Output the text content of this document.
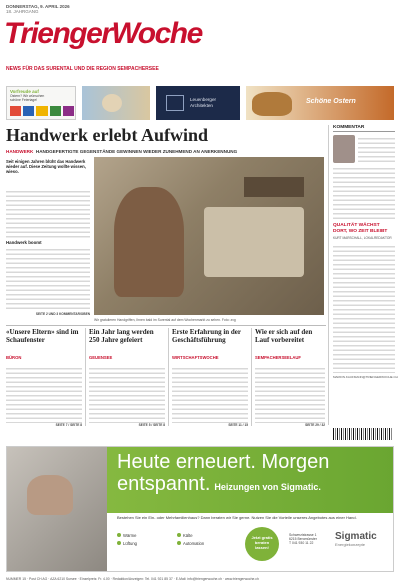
DONNERSTAG, 9. APRIL 2026
18. JAHRGANG
TriengerWoche
NEWS FÜR DAS SURENTAL UND DIE REGION SEMPACHERSEE
Vorfreude auf
Ostern? Wir wünschen
schöne Feiertage!	Leuenberger
Architekten
Schöne Ostern
Handwerk erlebt Aufwind
HANDWERK HANDGEFERTIGTE GEGENSTÄNDE GEWINNEN WIEDER ZUNEHMEND AN ANERKENNUNG
Seit einigen Jahren blüht das Handwerk wieder auf. Diese Zeitung wollte wissen, wieso.
Handwerk boomt
SEITE 2 UND 3 KOMMENTAR/OBEN
Wir gratulieren Handgriffen, Ihnen bald im Surental auf dem Wochenmarkt zu sehen. Foto: zvg
KOMMENTAR
QUALITÄT WÄCHST DORT, WO ZEIT BLEIBT
KURT MARSCHALL, LOKALREDAKTOR
MARION.KAUFMANN@TRIENGERWOCHE.CH
«Unsere Eltern» sind im Schaufenster
BÜRON
SEITE 7 / SEITE 8
Ein Jahr lang werden 250 Jahre gefeiert
GEUENSEE
SEITE 5 / SEITE 8
Erste Erfahrung in der Geschäftsführung
WIRTSCHAFTSWOCHE
SEITE 11 / 15
Wie er sich auf den Lauf vorbereitet
SEMPACHERSEELAUF
SEITE 29 / 32
Heute erneuert. Morgen
entspannt. Heizungen von Sigmatic.
Bestehen Sie ein Ein- oder Mehrfamilienhaus? Dann beraten wir Sie gerne. Nutzen Sie die Vorteile unseres Angebotes aus einer Hand.
Wärme	Kälte
Lüftung	Automation
Jetzt gratis
beraten
lassen!
Schwerzistrasse 1
6215 Beromünster
T 041 930 11 22
Sigmatic
Energiekonzepte
NUMMER 15 · Post CH AG · AZA 6210 Sursee · Einzelpreis: Fr. 4.00 · Redaktion/Anzeigen: Tel. 041 921 85 37 · E-Mail: info@triengerwoche.ch · www.triengerwoche.ch
